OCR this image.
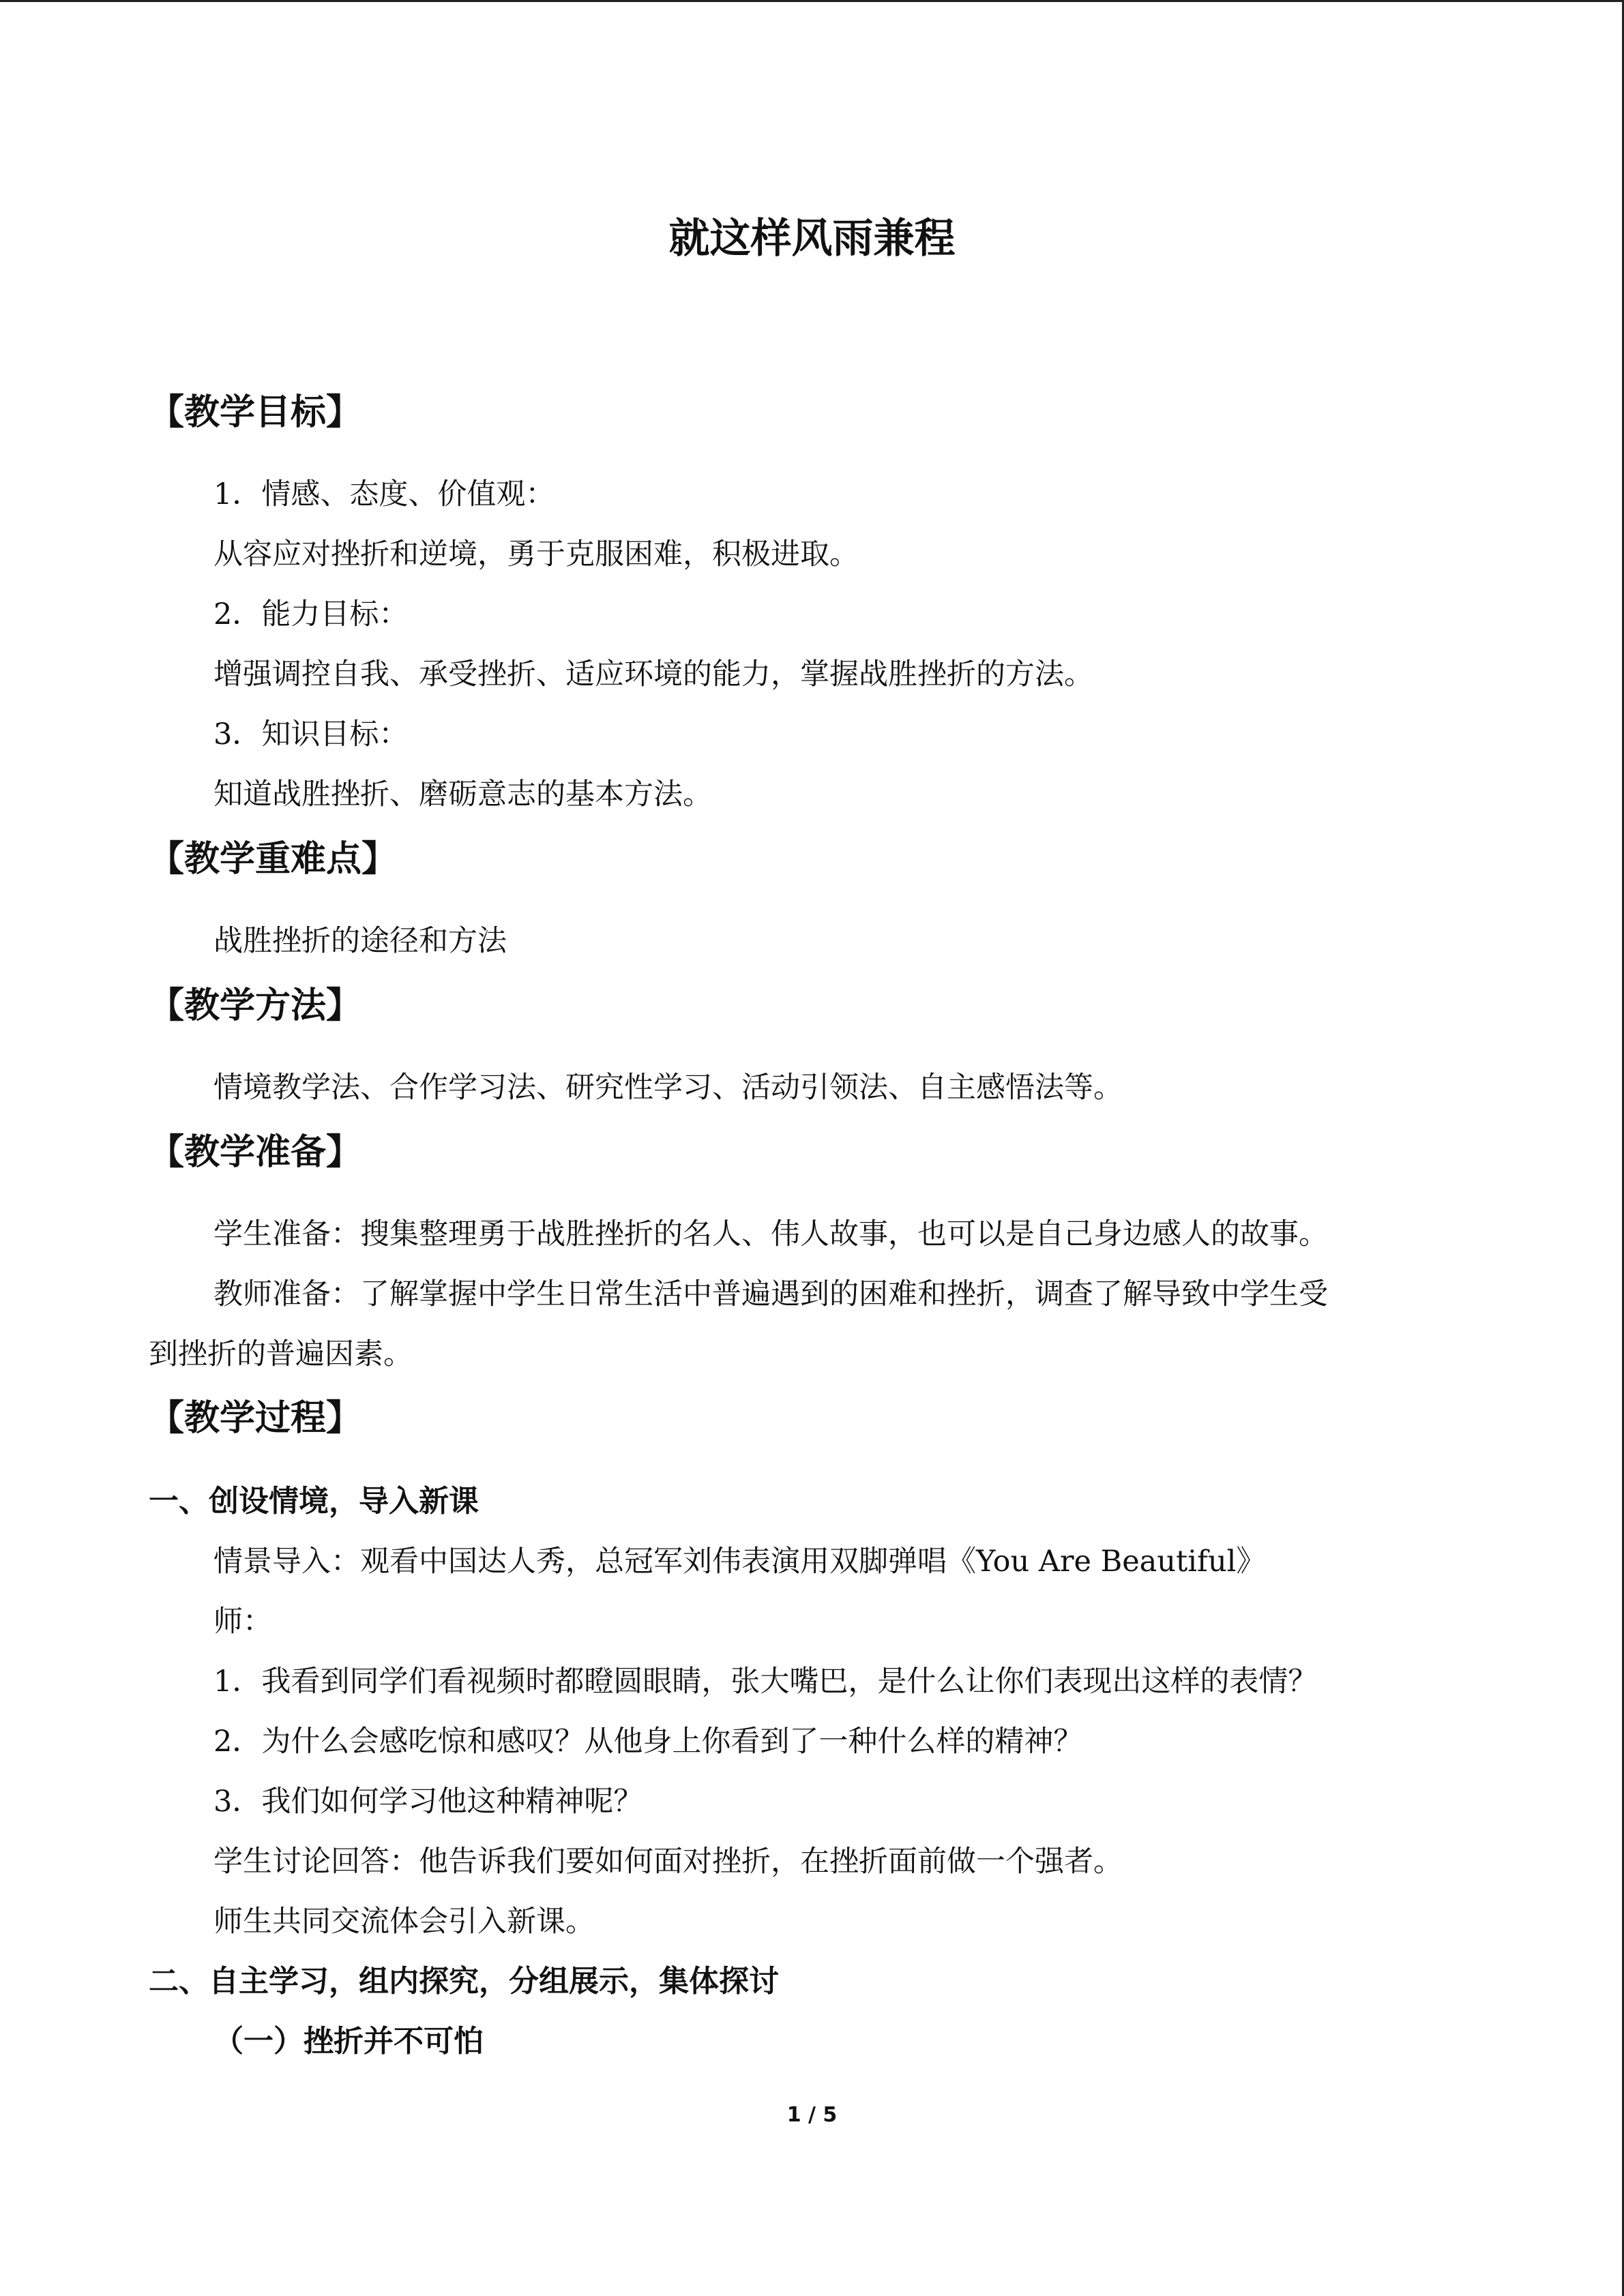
就这样风雨兼程
【教学目标】

1．情感、态度、价值观：

从容应对挫折和逆境，勇于克服困难，积极进取。

2．能力目标：

增强调控自我、承受挫折、适应环境的能力，掌握战胜挫折的方法。

3．知识目标：

知道战胜挫折、磨砺意志的基本方法。

【教学重难点】

战胜挫折的途径和方法

【教学方法】

情境教学法、合作学习法、研究性学习、活动引领法、自主感悟法等。

【教学准备】

学生准备：搜集整理勇于战胜挫折的名人、伟人故事，也可以是自己身边感人的故事。

教师准备：了解掌握中学生日常生活中普遍遇到的困难和挫折，调查了解导致中学生受

到挫折的普遍因素。

【教学过程】
一、创设情境，导入新课

情景导入：观看中国达人秀，总冠军刘伟表演用双脚弹唱《You Are Beautiful》

师：

1．我看到同学们看视频时都瞪圆眼睛，张大嘴巴，是什么让你们表现出这样的表情？

2．为什么会感吃惊和感叹？从他身上你看到了一种什么样的精神？

3．我们如何学习他这种精神呢？

学生讨论回答：他告诉我们要如何面对挫折，在挫折面前做一个强者。

师生共同交流体会引入新课。

二、自主学习，组内探究，分组展示，集体探讨
（一）挫折并不可怕
1 / 5
